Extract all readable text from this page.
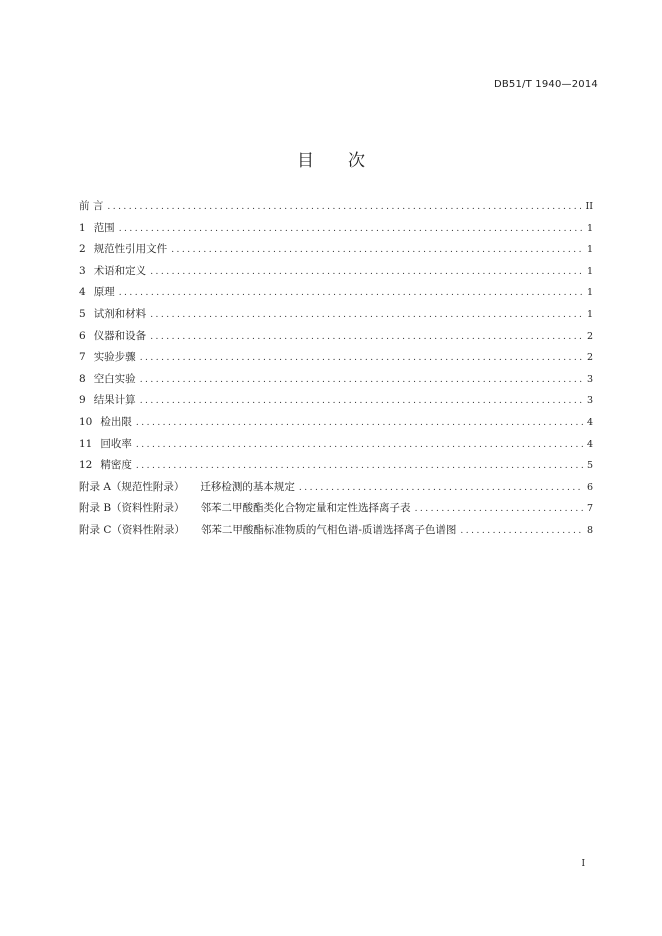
DB51/T 1940—2014
目次
前 言 .....	II
1 范围 .....	1
2 规范性引用文件 .....	1
3 术语和定义 .....	1
4 原理 .....	1
5 试剂和材料 .....	1
6 仪器和设备 .....	2
7 实验步骤 .....	2
8 空白实验 .....	3
9 结果计算 .....	3
10 检出限 .....	4
11 回收率 .....	4
12 精密度 .....	5
附录 A（规范性附录） 迁移检测的基本规定 .....	6
附录 B（资料性附录） 邻苯二甲酸酯类化合物定量和定性选择离子表 .....	7
附录 C（资料性附录） 邻苯二甲酸酯标准物质的气相色谱-质谱选择离子色谱图 .....	8
I
